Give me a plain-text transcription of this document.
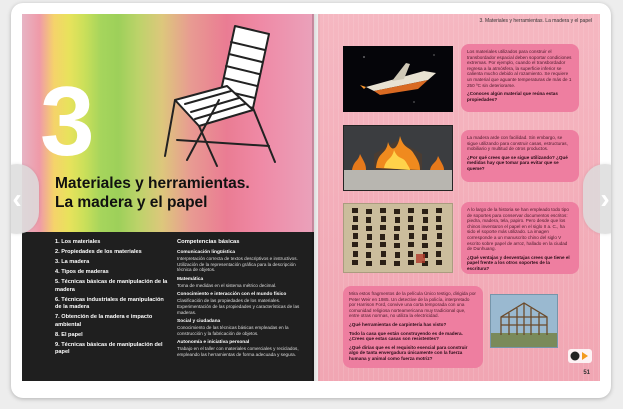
3
Materiales y herramientas.
La madera y el papel
1. Los materiales
2. Propiedades de los materiales
3. La madera
4. Tipos de maderas
5. Técnicas básicas de manipulación de la madera
6. Técnicas industriales de manipulación de la madera
7. Obtención de la madera e impacto ambiental
8. El papel
9. Técnicas básicas de manipulación del papel
Competencias básicas
Comunicación lingüística
Interpretación correcta de textos descriptivos e instructivos. Utilización de la representación gráfica para la descripción técnica de objetos.
Matemática
Toma de medidas en el sistema métrico decimal.
Conocimiento e interacción con el mundo físico
Clasificación de las propiedades de los materiales. Experimentación de las propiedades y características de las maderas.
Social y ciudadana
Conocimiento de las técnicas básicas empleadas en la construcción y la fabricación de objetos.
Autonomía e iniciativa personal
Trabajo en el taller con materiales comerciales y reciclados, empleando las herramientas de forma adecuada y segura.
3. Materiales y herramientas. La madera y el papel

Los materiales utilizados para construir el transbordador espacial deben soportar condiciones extremas. Por ejemplo, cuando el transbordador regresa a la atmósfera, la superficie inferior se calienta mucho debido al rozamiento. Se requiere un material que aguante temperaturas de más de 1 250 ºC sin deteriorarse.

¿Conoces algún material que reúna estas propiedades?

La madera arde con facilidad. Sin embargo, se sigue utilizando para construir casas, estructuras, mobiliario y multitud de otros productos.

¿Por qué crees que se sigue utilizando? ¿Qué medidas hay que tomar para evitar que se queme?

A lo largo de la historia se han empleado todo tipo de soportes para conservar documentos escritos: piedra, madera, tela, papiro. Pero desde que los chinos inventaron el papel en el siglo II a. C., ha sido el soporte más utilizado. La imagen corresponde a un manuscrito chino del siglo V escrito sobre papel de arroz, hallado en la ciudad de Dunhuang.

¿Qué ventajas y desventajas crees que tiene el papel frente a los otros soportes de la escritura?

Mira estos fragmentos de la película Único testigo, dirigida por Peter Weir en 1985. Un detective de la policía, interpretado por Harrison Ford, convive una corta temporada con una comunidad religiosa norteamericana muy tradicional que, entre otras normas, no utiliza la electricidad.

¿Qué herramientas de carpintería has visto?

Todo la casa que están construyendo es de madera. ¿Crees que estas casas son resistentes?

¿Qué dirías que es el requisito esencial para construir algo de tanta envergadura únicamente con la fuerza humana y animal como fuerza motriz?

51
‹	›
